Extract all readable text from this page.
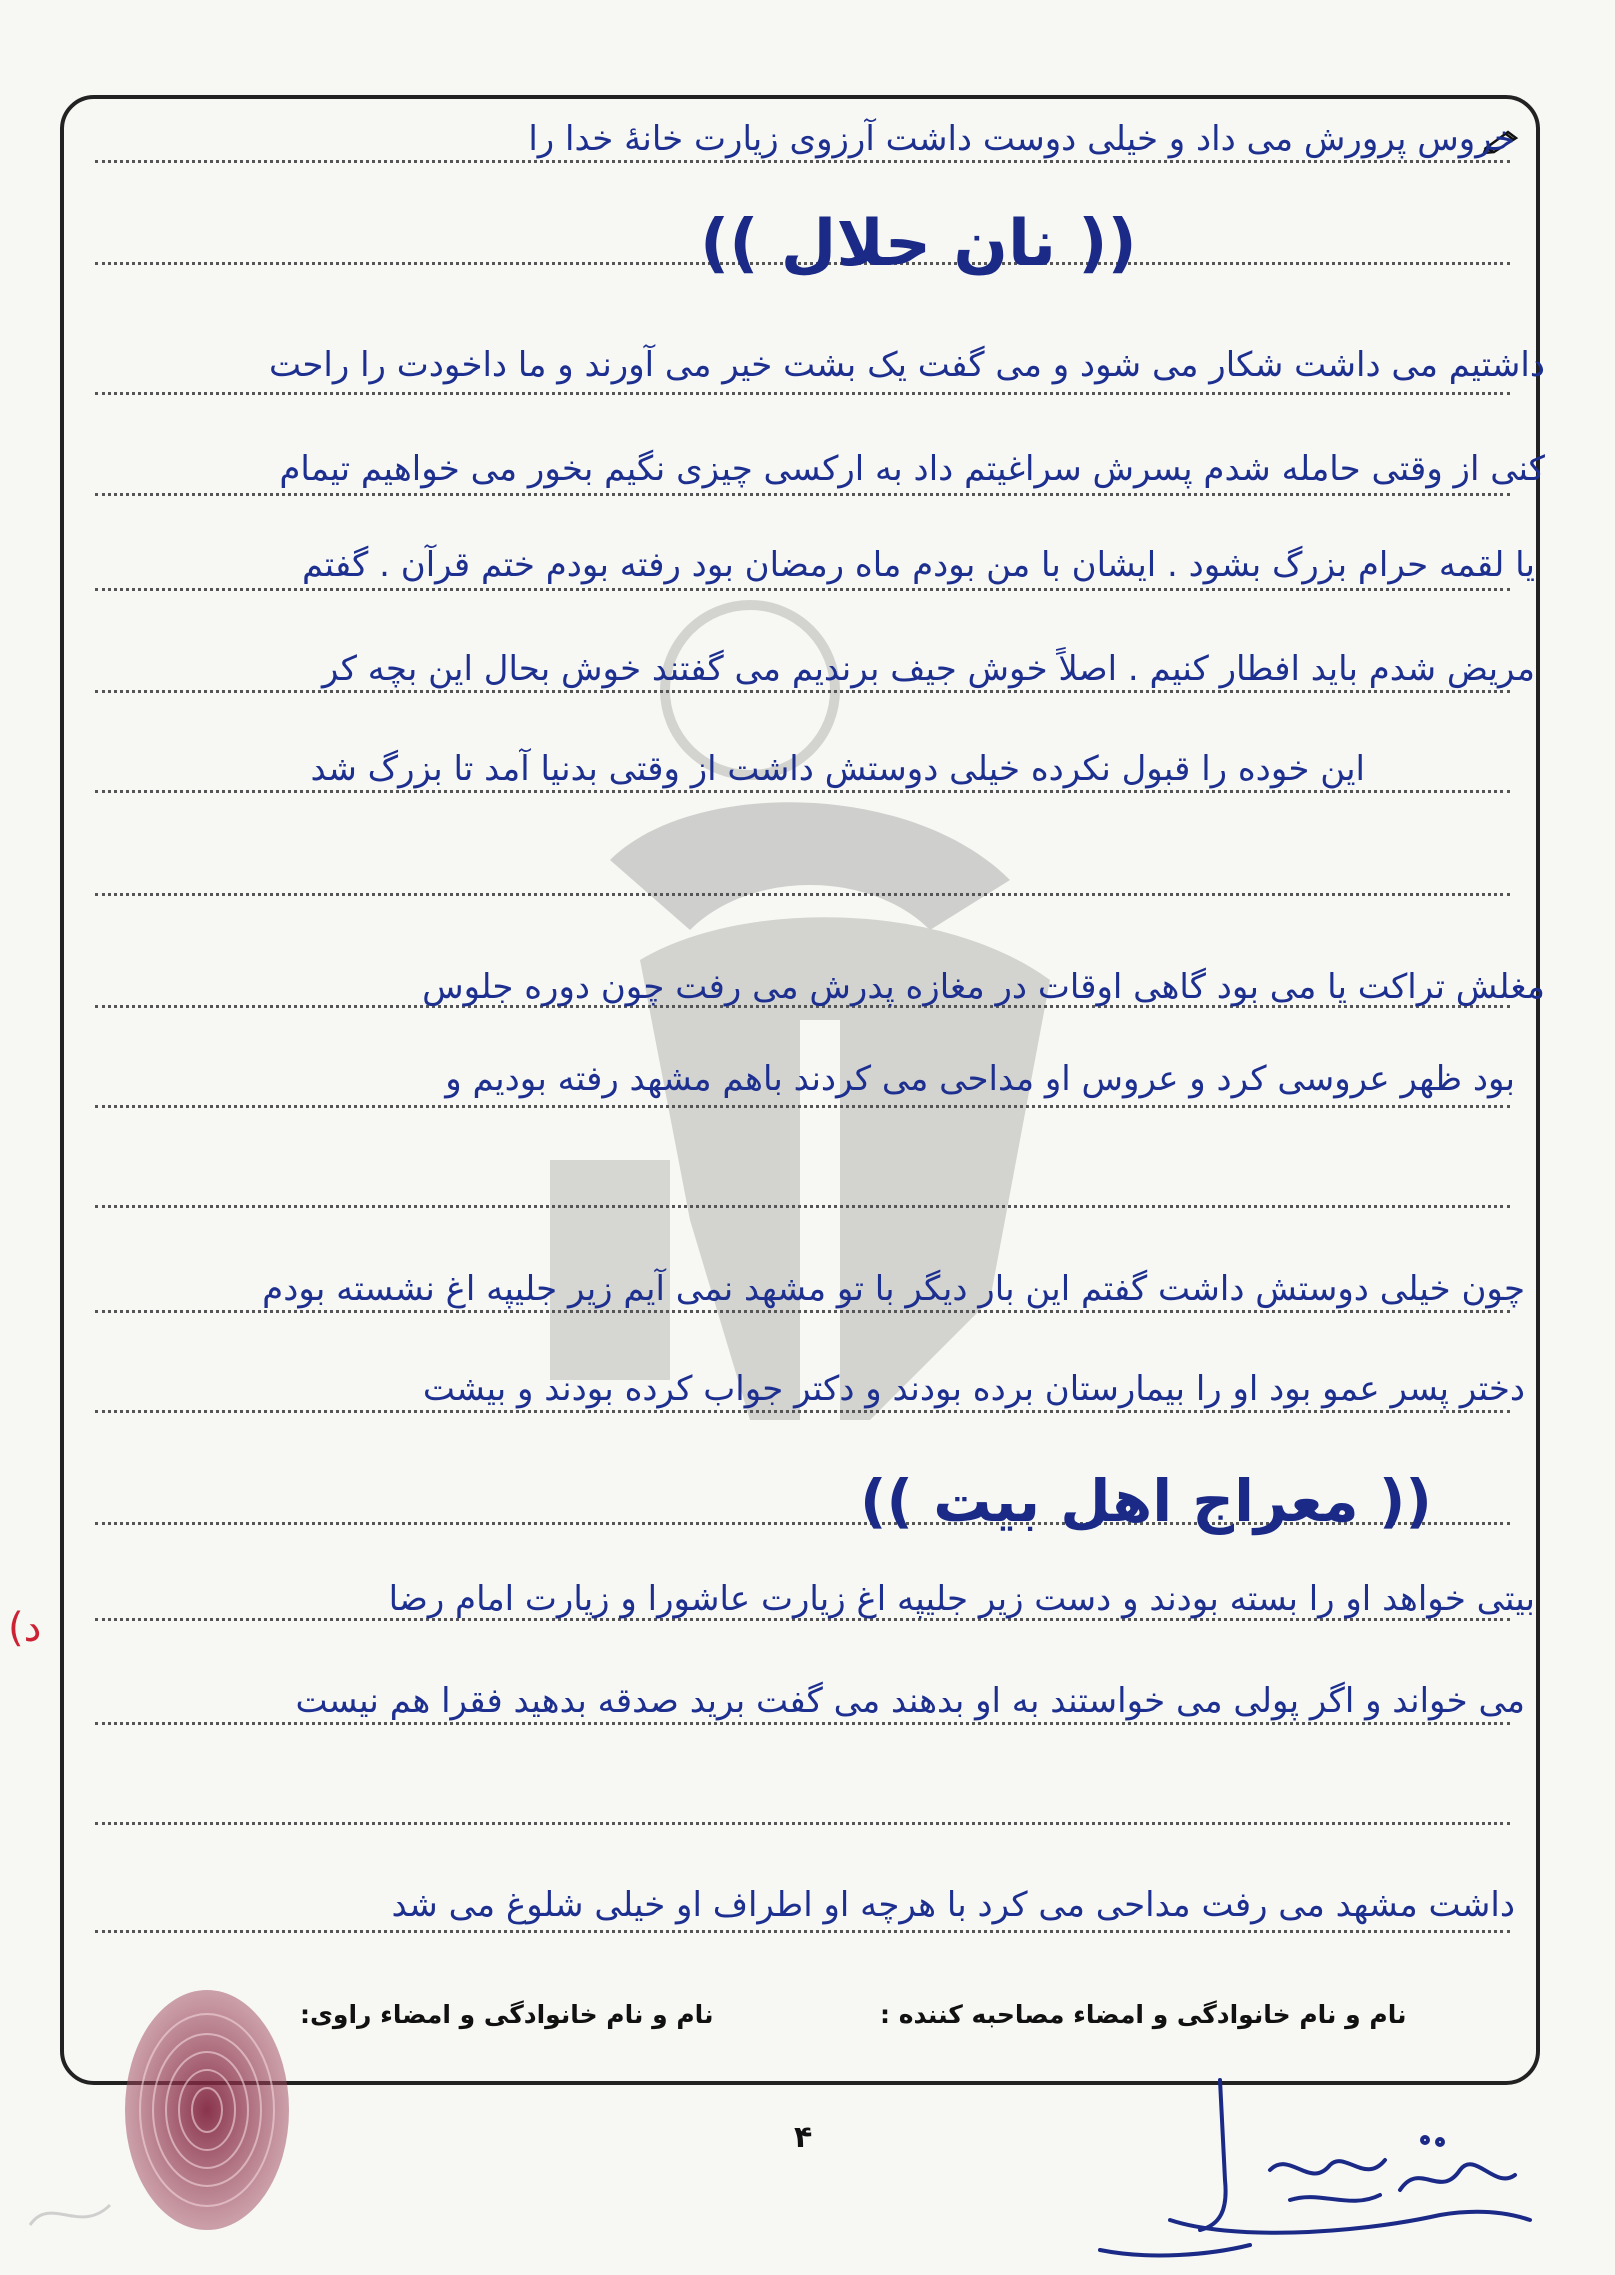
خروس پرورش می داد و خیلی دوست داشت آرزوی زیارت خانهٔ خدا را
(( نان حلال ))
داشتیم می داشت شکار می شود و می گفت یک بشت خیر می آورند و ما داخودت را راحت
کنی از وقتی حامله شدم پسرش سراغیتم داد به ارکسی چیزی نگیم بخور می خواهیم تیمام
یا لقمه حرام بزرگ بشود . ایشان با من بودم ماه رمضان بود رفته بودم ختم قرآن . گفتم
مریض شدم باید افطار کنیم . اصلاً خوش جیف برندیم می گفتند خوش بحال این بچه کر
این خوده را قبول نکرده خیلی دوستش داشت از وقتی بدنیا آمد تا بزرگ شد
مغلش تراکت یا می بود گاهی اوقات در مغازه پدرش می رفت چون دوره جلوس
بود ظهر عروسی کرد و عروس او مداحی می کردند باهم مشهد رفته بودیم و
چون خیلی دوستش داشت گفتم این بار دیگر با تو مشهد نمی آیم زیر جلیپه اغ نشسته بودم
دختر پسر عمو بود او را بیمارستان برده بودند و دکتر جواب کرده بودند و بیشت
(( معراج اهل بیت ))
بیتی خواهد او را بسته بودند و دست زیر جلیپه اغ زیارت عاشورا و زیارت امام رضا
می خواند و اگر پولی می خواستند به او بدهند می گفت برید صدقه بدهید فقرا هم نیست
داشت مشهد می رفت مداحی می کرد با هرچه او اطراف او خیلی شلوغ می شد
(د
نام و نام خانوادگی و امضاء مصاحبه کننده :
نام و نام خانوادگی و امضاء راوی:
۴
